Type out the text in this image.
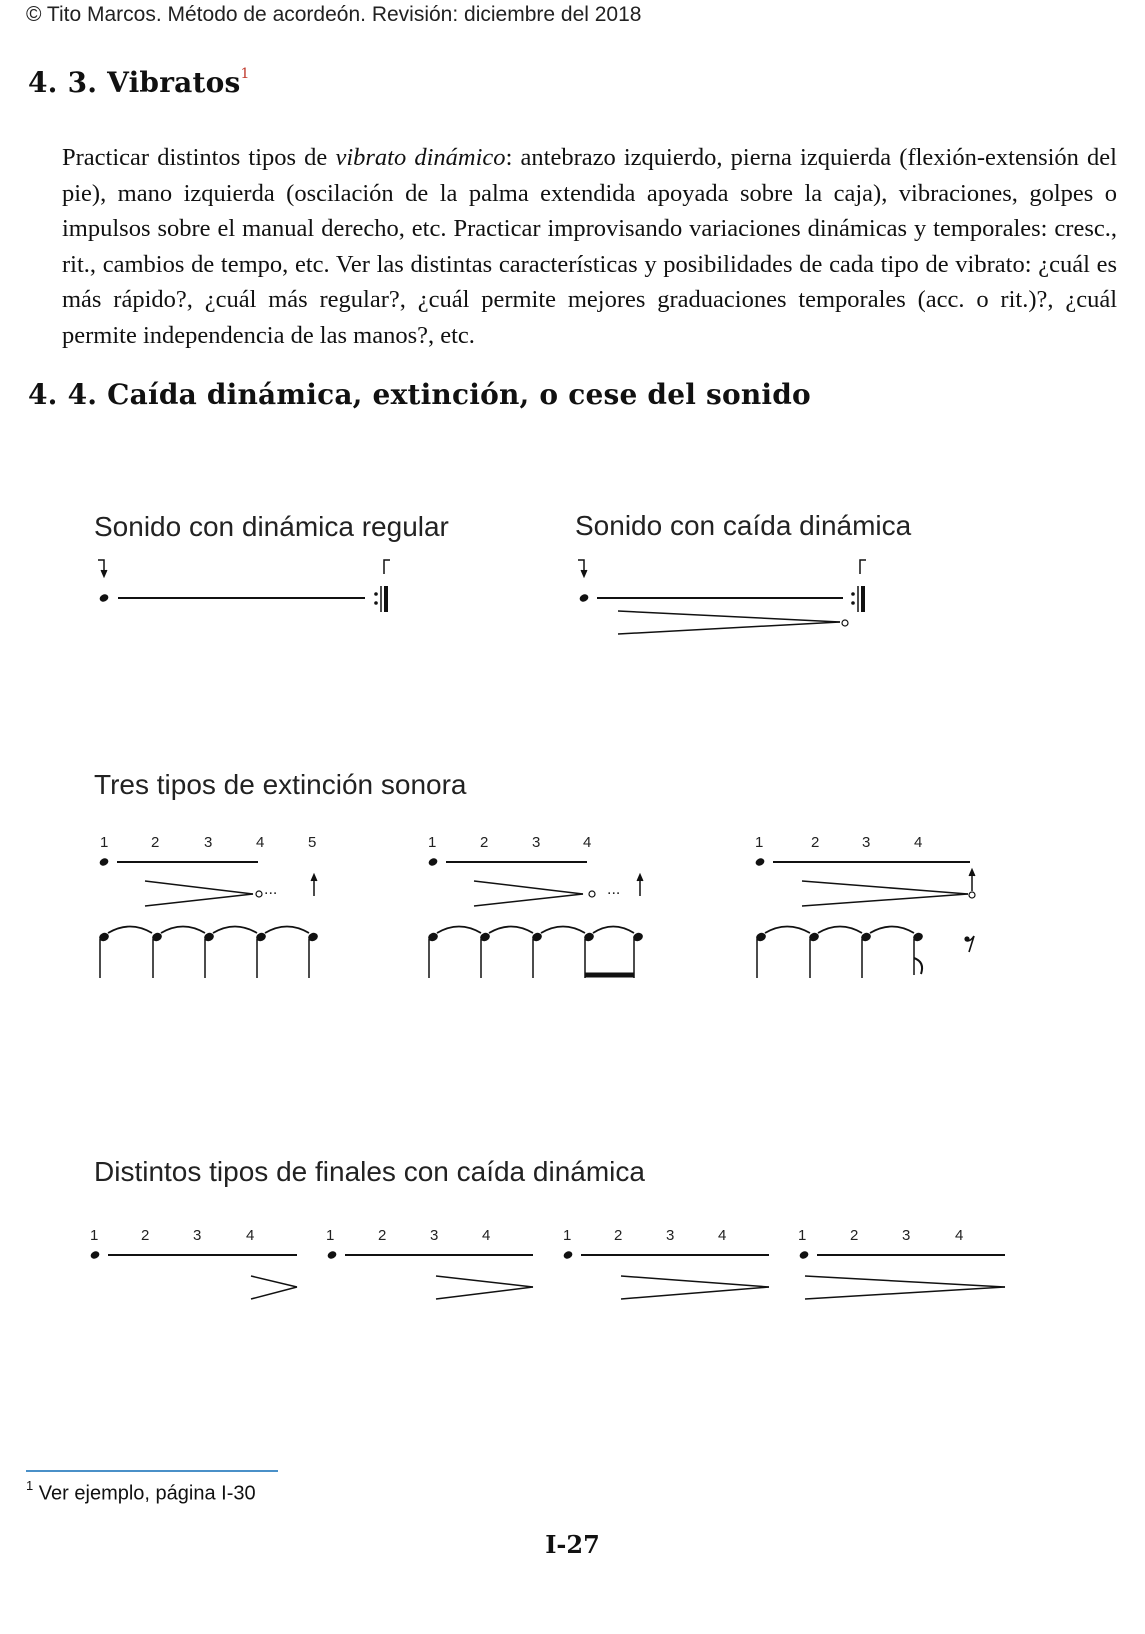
© Tito Marcos. Método de acordeón. Revisión: diciembre del 2018
4. 3. Vibratos$^1$
Practicar distintos tipos de vibrato dinámico: antebrazo izquierdo, pierna izquierda (flexión-extensión del pie), mano izquierda (oscilación de la palma extendida apoyada sobre la caja), vibraciones, golpes o impulsos sobre el manual derecho, etc. Practicar improvisando variaciones dinámicas y temporales: cresc., rit., cambios de tempo, etc. Ver las distintas características y posibilidades de cada tipo de vibrato: ¿cuál es más rápido?, ¿cuál más regular?, ¿cuál permite mejores graduaciones temporales (acc. o rit.)?, ¿cuál permite independencia de las manos?, etc.
4. 4. Caída dinámica, extinción, o cese del sonido
Sonido con dinámica regular	Sonido con caída dinámica
Tres tipos de extinción sonora
Distintos tipos de finales con caída dinámica
1	2	3	4	5	1	2	3	4	1	2	3	4
...	...
1	2	3	4	1	2	3	4	1	2	3	4	1	2	3	4
$^1$ Ver ejemplo, página I-30
I-27
